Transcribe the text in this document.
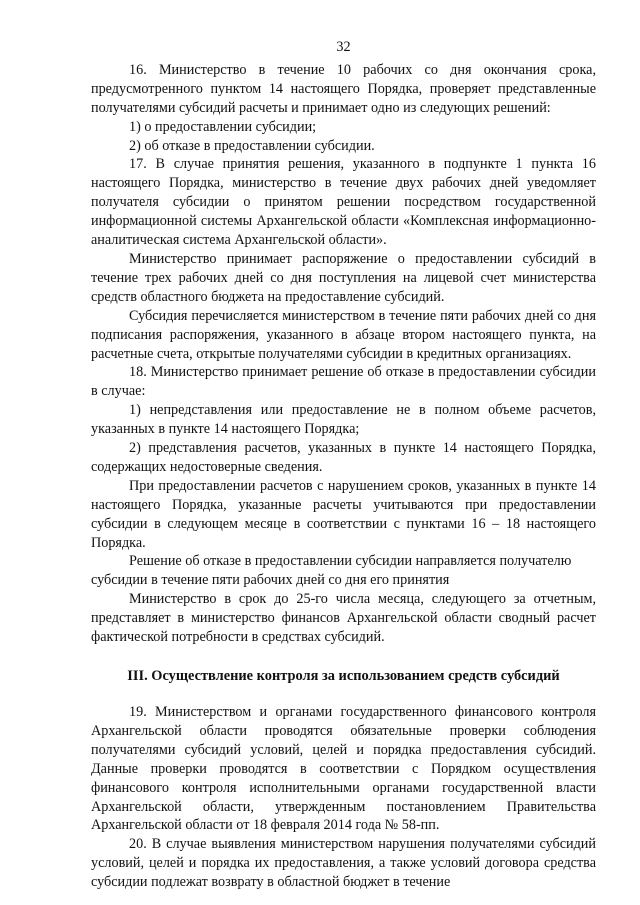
32

16. Министерство в течение 10 рабочих со дня окончания срока, предусмотренного пунктом 14 настоящего Порядка, проверяет представленные получателями субсидий расчеты и принимает одно из следующих решений:

1) о предоставлении субсидии;

2) об отказе в предоставлении субсидии.

17. В случае принятия решения, указанного в подпункте 1 пункта 16 настоящего Порядка, министерство в течение двух рабочих дней уведомляет получателя субсидии о принятом решении посредством государственной информационной системы Архангельской области «Комплексная информационно-аналитическая система Архангельской области».

Министерство принимает распоряжение о предоставлении субсидий в течение трех рабочих дней со дня поступления на лицевой счет министерства средств областного бюджета на предоставление субсидий.

Субсидия перечисляется министерством в течение пяти рабочих дней со дня подписания распоряжения, указанного в абзаце втором настоящего пункта, на расчетные счета, открытые получателями субсидии в кредитных организациях.

18. Министерство принимает решение об отказе в предоставлении субсидии в случае:

1) непредставления или предоставление не в полном объеме расчетов, указанных в пункте 14 настоящего Порядка;

2) представления расчетов, указанных в пункте 14 настоящего Порядка, содержащих недостоверные сведения.

При предоставлении расчетов с нарушением сроков, указанных в пункте 14 настоящего Порядка, указанные расчеты учитываются при предоставлении субсидии в следующем месяце в соответствии с пунктами 16 – 18 настоящего Порядка.

Решение об отказе в предоставлении субсидии направляется получателю субсидии в течение пяти рабочих дней со дня его принятия

Министерство в срок до 25-го числа месяца, следующего за отчетным, представляет в министерство финансов Архангельской области сводный расчет фактической потребности в средствах субсидий.

III. Осуществление контроля за использованием средств субсидий

19. Министерством и органами государственного финансового контроля Архангельской области проводятся обязательные проверки соблюдения получателями субсидий условий, целей и порядка предоставления субсидий. Данные проверки проводятся в соответствии с Порядком осуществления финансового контроля исполнительными органами государственной власти Архангельской области, утвержденным постановлением Правительства Архангельской области от 18 февраля 2014 года № 58-пп.

20. В случае выявления министерством нарушения получателями субсидий условий, целей и порядка их предоставления, а также условий договора средства субсидии подлежат возврату в областной бюджет в течение
